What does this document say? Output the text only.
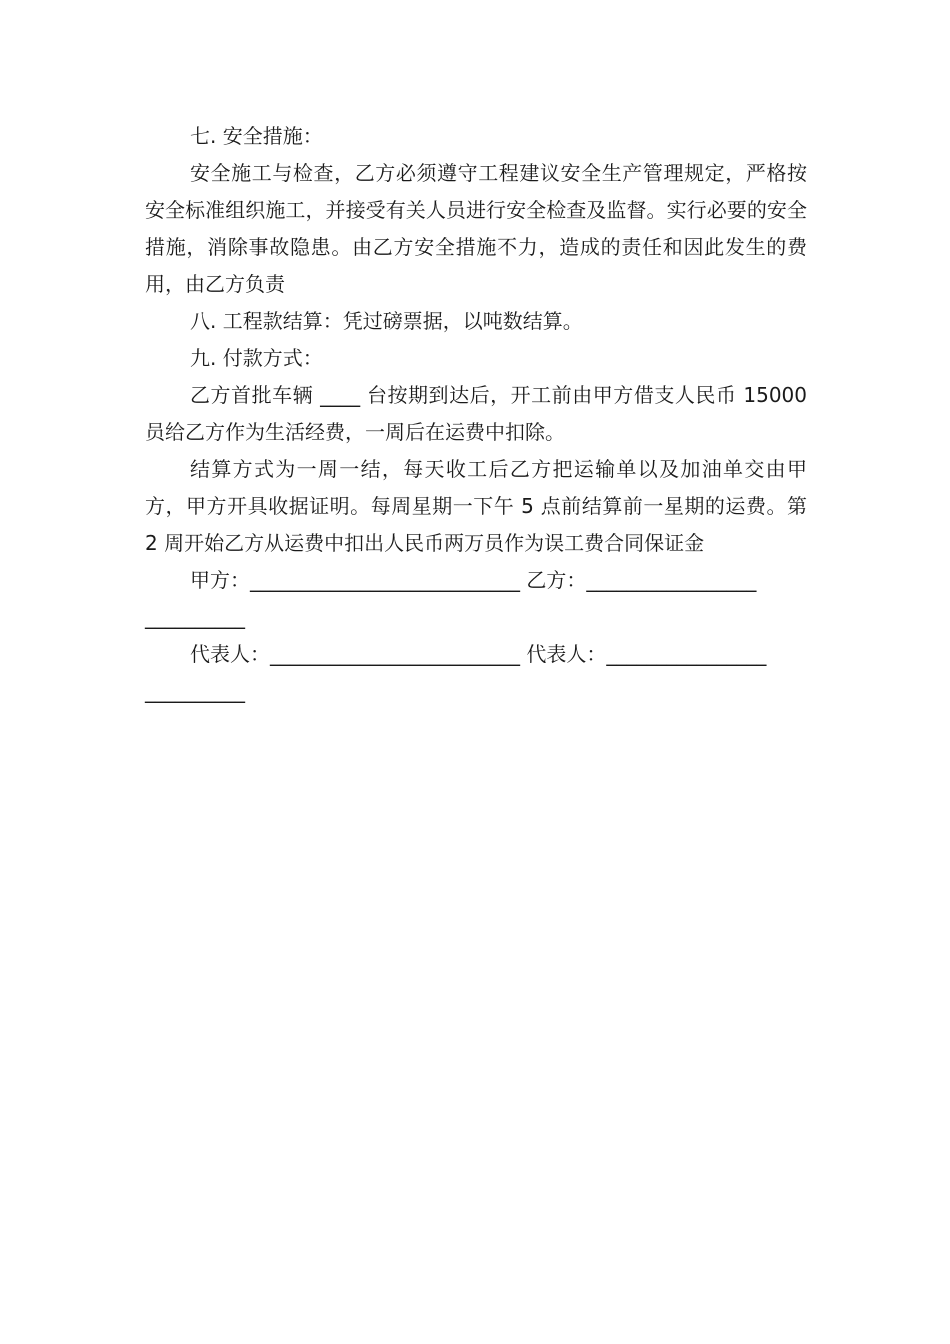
七. 安全措施：

安全施工与检查，乙方必须遵守工程建议安全生产管理规定，严格按安全标准组织施工，并接受有关人员进行安全检查及监督。实行必要的安全措施，消除事故隐患。由乙方安全措施不力，造成的责任和因此发生的费用，由乙方负责

八. 工程款结算：凭过磅票据，以吨数结算。

九. 付款方式：

乙方首批车辆 ____ 台按期到达后，开工前由甲方借支人民币 15000 员给乙方作为生活经费，一周后在运费中扣除。

结算方式为一周一结，每天收工后乙方把运输单以及加油单交由甲方，甲方开具收据证明。每周星期一下午 5 点前结算前一星期的运费。第 2 周开始乙方从运费中扣出人民币两万员作为误工费合同保证金

甲方：___________________________ 乙方：_________________

__________

代表人：_________________________ 代表人：________________

__________
